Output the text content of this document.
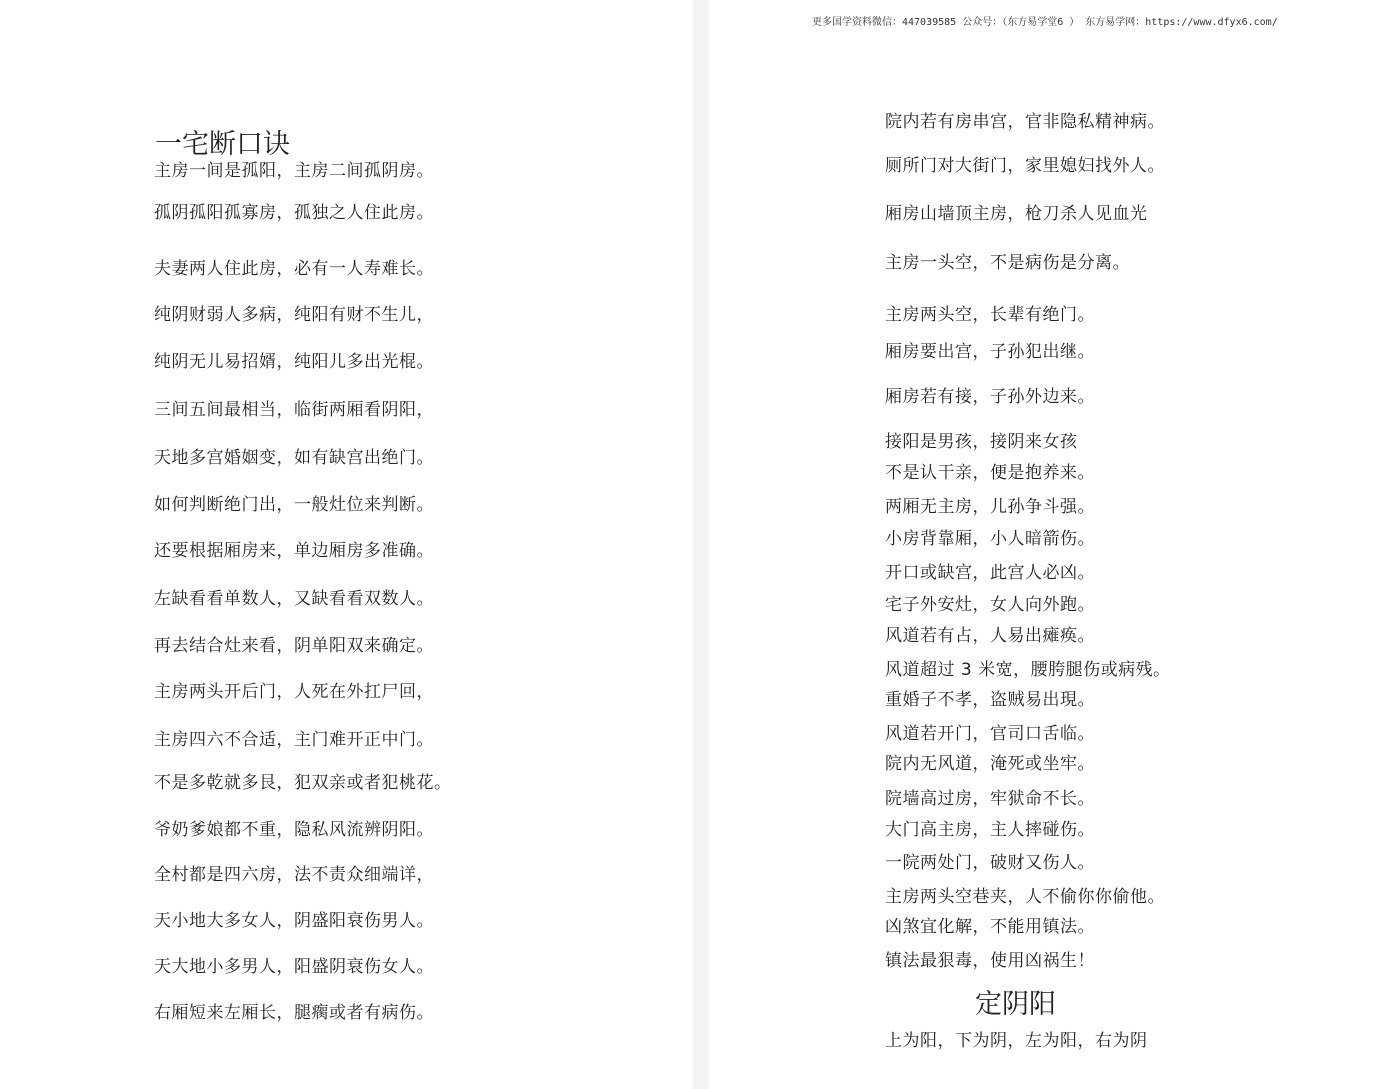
更多国学资料微信：447039585 公众号：（东方易学堂6 ） 东方易学网：https://www.dfyx6.com/
一宅断口诀
主房一间是孤阳，主房二间孤阴房。
孤阴孤阳孤寡房，孤独之人住此房。
夫妻两人住此房，必有一人寿难长。
纯阴财弱人多病，纯阳有财不生儿，
纯阴无儿易招婿，纯阳儿多出光棍。
三间五间最相当，临街两厢看阴阳，
天地多宫婚姻变，如有缺宫出绝门。
如何判断绝门出，一般灶位来判断。
还要根据厢房来，单边厢房多准确。
左缺看看单数人，又缺看看双数人。
再去结合灶来看，阴单阳双来确定。
主房两头开后门，人死在外扛尸回，
主房四六不合适，主门难开正中门。
不是多乾就多艮，犯双亲或者犯桃花。
爷奶爹娘都不重，隐私风流辨阴阳。
全村都是四六房，法不责众细端详，
天小地大多女人，阴盛阳衰伤男人。
天大地小多男人，阳盛阴衰伤女人。
右厢短来左厢长，腿瘸或者有病伤。
院内若有房串宫，官非隐私精神病。
厕所门对大街门，家里媳妇找外人。
厢房山墙顶主房，枪刀杀人见血光
主房一头空，不是病伤是分离。
主房两头空，长辈有绝门。
厢房要出宫，子孙犯出继。
厢房若有接，子孙外边来。
接阳是男孩，接阴来女孩
不是认干亲，便是抱养来。
两厢无主房，儿孙争斗强。
小房背靠厢，小人暗箭伤。
开口或缺宫，此宫人必凶。
宅子外安灶，女人向外跑。
风道若有占，人易出瘫痪。
风道超过 3 米宽，腰胯腿伤或病残。
重婚子不孝，盗贼易出現。
风道若开门，官司口舌临。
院内无风道，淹死或坐牢。
院墙高过房，牢狱命不长。
大门高主房，主人摔碰伤。
一院两处门，破财又伤人。
主房两头空巷夹，人不偷你你偷他。
凶煞宜化解，不能用镇法。
镇法最狠毒，使用凶祸生！
定阴阳
上为阳，下为阴，左为阳，右为阴
